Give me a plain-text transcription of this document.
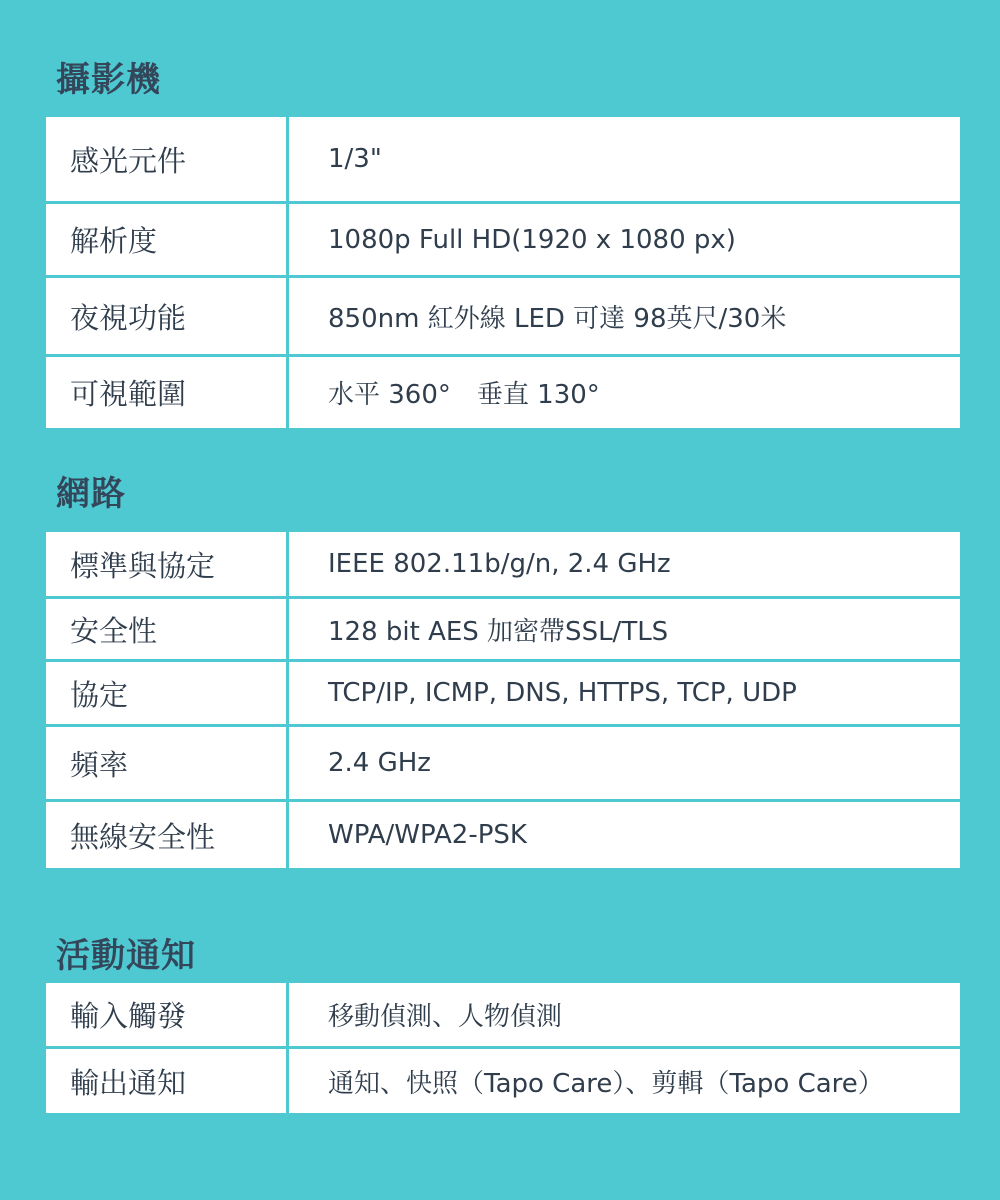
攝影機
感光元件	1/3"
解析度	1080p Full HD(1920 x 1080 px)
夜視功能	850nm 紅外線 LED 可達 98英尺/30米
可視範圍	水平 360°　垂直 130°
網路
標準與協定	IEEE 802.11b/g/n, 2.4 GHz
安全性	128 bit AES 加密帶SSL/TLS
協定	TCP/IP, ICMP, DNS, HTTPS, TCP, UDP
頻率	2.4 GHz
無線安全性	WPA/WPA2-PSK
活動通知
輸入觸發	移動偵測、人物偵測
輸出通知	通知、快照（Tapo Care）、剪輯（Tapo Care）
